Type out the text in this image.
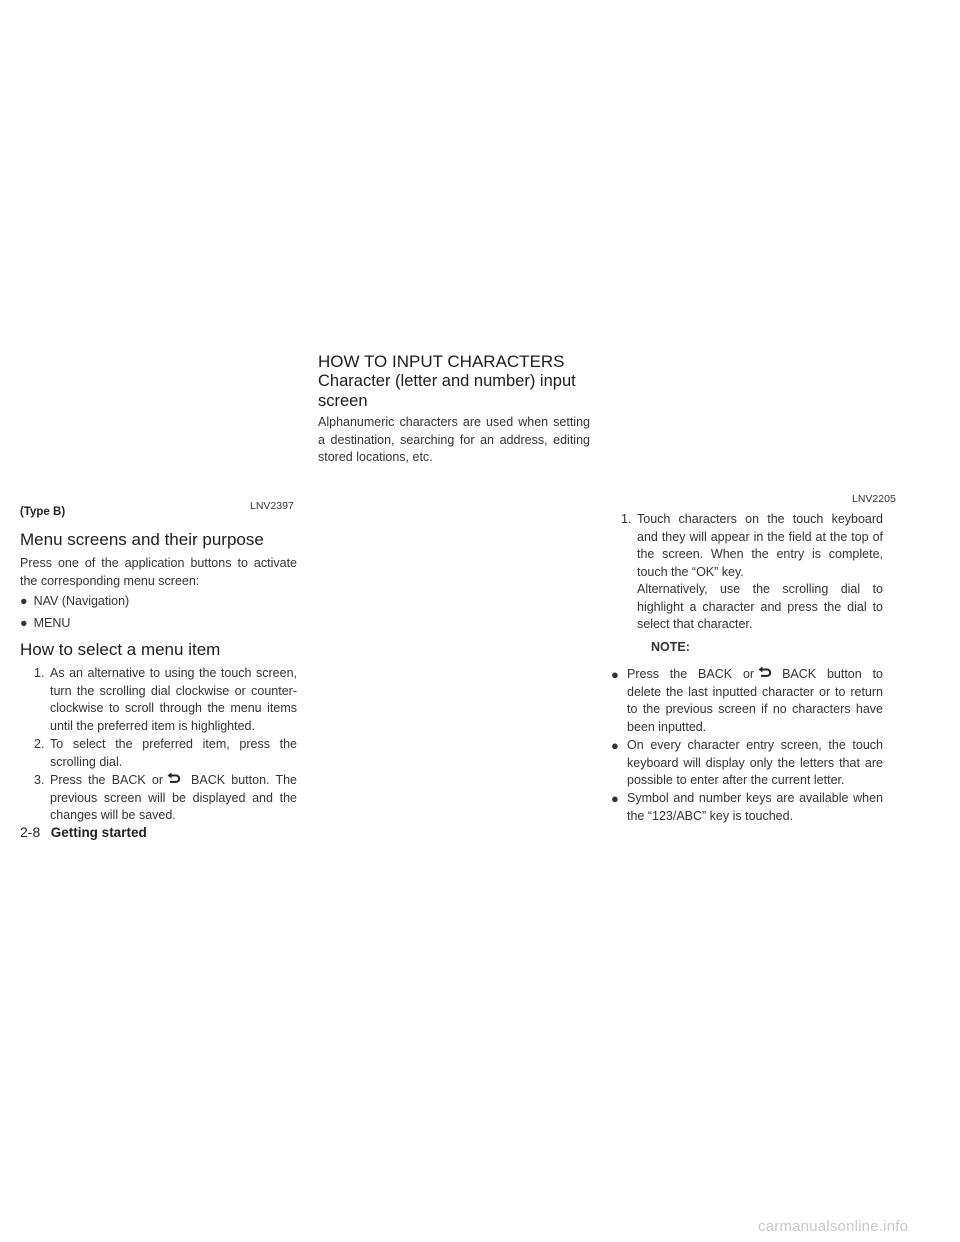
(Type B)	LNV2397
Menu screens and their purpose
Press one of the application buttons to activate the corresponding menu screen:
● NAV (Navigation)
● MENU
How to select a menu item
1. As an alternative to using the touch screen, turn the scrolling dial clockwise or counter-clockwise to scroll through the menu items until the preferred item is highlighted.
2. To select the preferred item, press the scrolling dial.
3. Press the BACK or BACK button. The previous screen will be displayed and the changes will be saved.
HOW TO INPUT CHARACTERS
Character (letter and number) input screen
Alphanumeric characters are used when setting a destination, searching for an address, editing stored locations, etc.
LNV2205
1. Touch characters on the touch keyboard and they will appear in the field at the top of the screen. When the entry is complete, touch the “OK” key.
Alternatively, use the scrolling dial to highlight a character and press the dial to select that character.
NOTE:
● Press the BACK or BACK button to delete the last inputted character or to return to the previous screen if no characters have been inputted.
● On every character entry screen, the touch keyboard will display only the letters that are possible to enter after the current letter.
● Symbol and number keys are available when the “123/ABC” key is touched.
2-8 Getting started
carmanualsonline.info
